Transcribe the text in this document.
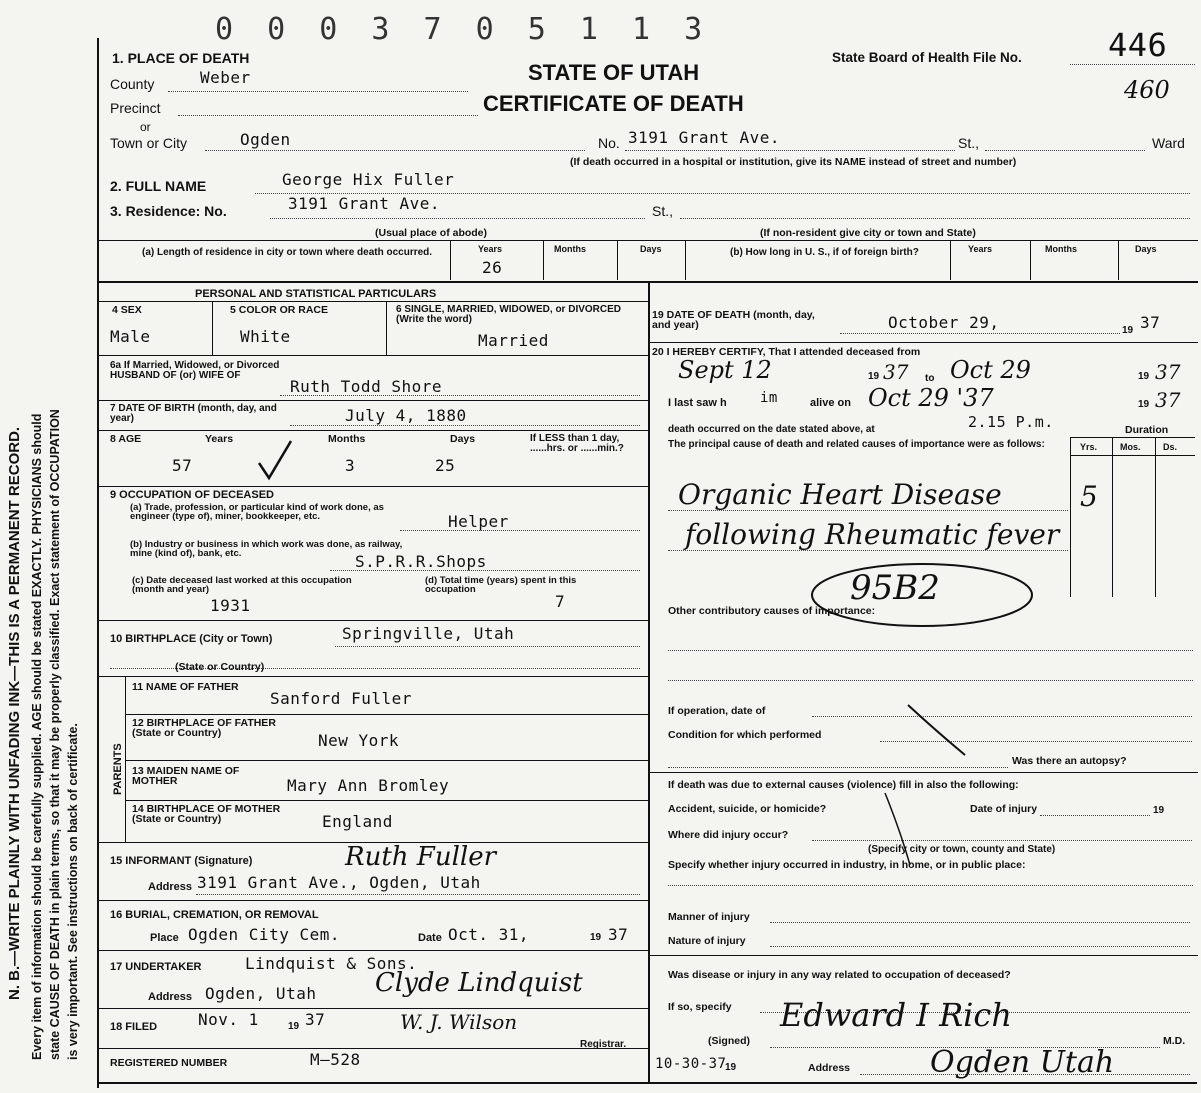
N. B.—WRITE PLAINLY WITH UNFADING INK—THIS IS A PERMANENT RECORD. Every item of information should be carefully supplied. AGE should be stated EXACTLY. PHYSICIANS should state CAUSE OF DEATH in plain terms, so that it may be properly classified. Exact statement of OCCUPATION is very important. See instructions on back of certificate.
0 0 0 3 7 0 5 1 1 3
1. PLACE OF DEATH
STATE OF UTAH
CERTIFICATE OF DEATH
State Board of Health File No.	446
460
County	Weber
Precinct
or
Town or City	Ogden	No. 3191 Grant Ave.	St.,	Ward
(If death occurred in a hospital or institution, give its NAME instead of street and number)
2. FULL NAME	George Hix Fuller
3. Residence: No.	3191 Grant Ave.	St.,
(Usual place of abode)	(If non-resident give city or town and State)
(a) Length of residence in city or town where death occurred.	Years	Months	Days
26
(b) How long in U. S., if of foreign birth?	Years	Months	Days
PERSONAL AND STATISTICAL PARTICULARS
4 SEX
Male
5 COLOR OR RACE
White
6 SINGLE, MARRIED, WIDOWED, or DIVORCED (Write the word)
Married
6a If Married, Widowed, or Divorced HUSBAND OF (or) WIFE OF
Ruth Todd Shore
7 DATE OF BIRTH (month, day, and year)	July 4, 1880
8 AGE	Years	Months	Days	If LESS than 1 day, ......hrs. or ......min.?
57	3	25
9 OCCUPATION OF DECEASED
(a) Trade, profession, or particular kind of work done, as engineer (type of), miner, bookkeeper, etc.	Helper
(b) Industry or business in which work was done, as railway, mine (kind of), bank, etc.	S.P.R.R.Shops
(c) Date deceased last worked at this occupation (month and year)
1931
(d) Total time (years) spent in this occupation
7
10 BIRTHPLACE (City or Town)	Springville, Utah
(State or Country)
PARENTS
11 NAME OF FATHER
Sanford Fuller
12 BIRTHPLACE OF FATHER (State or Country)	New York
13 MAIDEN NAME OF MOTHER	Mary Ann Bromley
14 BIRTHPLACE OF MOTHER (State or Country)	England
15 INFORMANT (Signature)	Ruth Fuller
Address 3191 Grant Ave., Ogden, Utah
16 BURIAL, CREMATION, OR REMOVAL
Place Ogden City Cem.	Date Oct. 31,	19 37
17 UNDERTAKER	Lindquist & Sons.
Address Ogden, Utah Clyde Lindquist
18 FILED	Nov. 1	19 37	W. J. Wilson
Registrar.
REGISTERED NUMBER	M—528
19 DATE OF DEATH (month, day, and year)	October 29,	19 37
20 I HEREBY CERTIFY, That I attended deceased from
Sept 12	19 37 to Oct 29	19 37
I last saw h im	alive on Oct 29 '37	19 37
death occurred on the date stated above, at	2.15 P.m.	Duration
The principal cause of death and related causes of importance were as follows:	Yrs.	Mos. Ds.
Organic Heart Disease	5
following Rheumatic fever
95B2
Other contributory causes of importance:
If operation, date of
Condition for which performed
Was there an autopsy?
If death was due to external causes (violence) fill in also the following:
Accident, suicide, or homicide?	Date of injury	19
Where did injury occur?
(Specify city or town, county and State)
Specify whether injury occurred in industry, in home, or in public place:
Manner of injury
Nature of injury
Was disease or injury in any way related to occupation of deceased?
If so, specify
(Signed)
Edward I Rich
M.D.
10-30-37
19	Address	Ogden Utah
